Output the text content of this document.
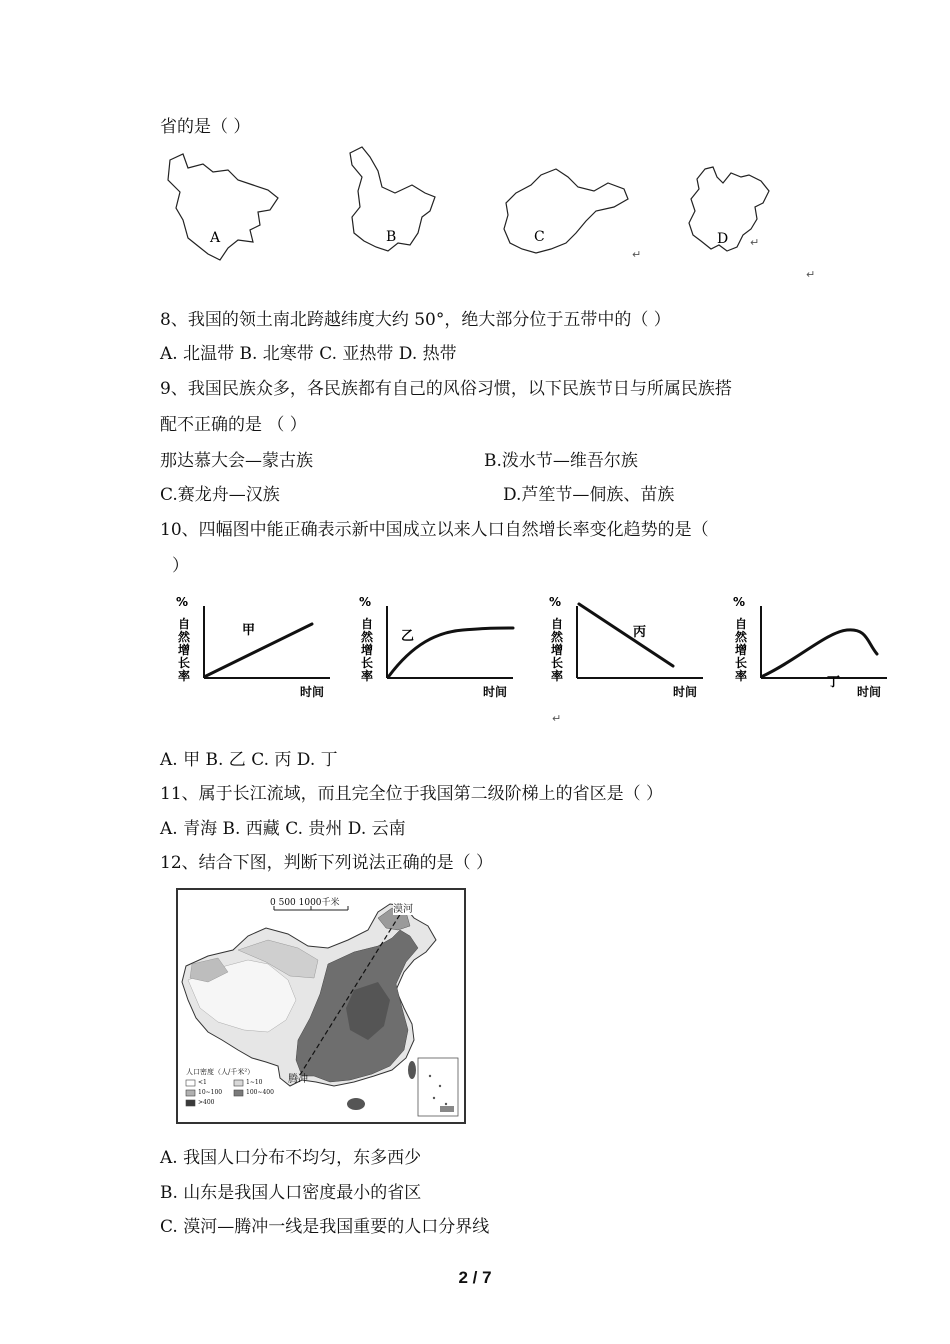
省的是（ ）
A	B	C	D
↵
↵
↵
8、我国的领土南北跨越纬度大约 50°，绝大部分位于五带中的（ ）
A. 北温带 B. 北寒带 C. 亚热带 D. 热带
9、我国民族众多，各民族都有自己的风俗习惯，以下民族节日与所属民族搭
配不正确的是 （ ）
那达慕大会—蒙古族	B.泼水节—维吾尔族
C.赛龙舟—汉族	D.芦笙节—侗族、苗族
10、四幅图中能正确表示新中国成立以来人口自然增长率变化趋势的是（
）
%
自
然
增
长
率
时间
甲
%
自
然
增
长
率
时间
乙
%
自
然
增
长
率
时间
丙
%
自
然
增
长
率
时间
丁
↵
A. 甲 B. 乙 C. 丙 D. 丁
11、属于长江流域，而且完全位于我国第二级阶梯上的省区是（ ）
A. 青海 B. 西藏 C. 贵州 D. 云南
12、结合下图，判断下列说法正确的是（ ）
0 500 1000千米
漠河
腾冲
人口密度（人/千米²）
<1	1~10
10~100	100~400
>400
A. 我国人口分布不均匀，东多西少
B. 山东是我国人口密度最小的省区
C. 漠河—腾冲一线是我国重要的人口分界线
2 / 7
